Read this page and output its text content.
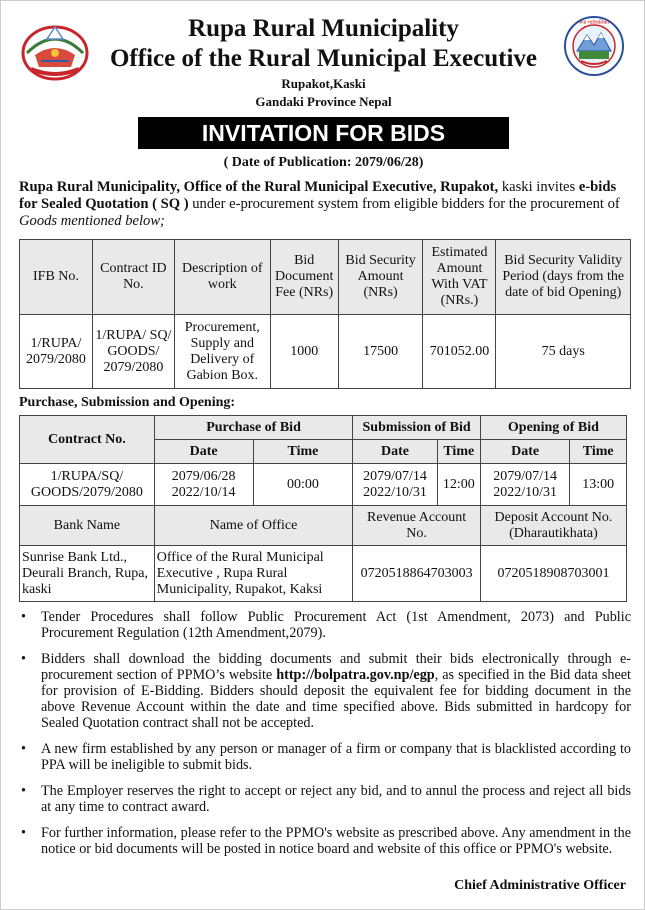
रुपा गाउँपालिका
Rupa Rural Municipality
Office of the Rural Municipal Executive
Rupakot,Kaski
Gandaki Province Nepal
INVITATION FOR BIDS
( Date of Publication: 2079/06/28)
Rupa Rural Municipality, Office of the Rural Municipal Executive, Rupakot, kaski invites e-bids for Sealed Quotation ( SQ ) under e-procurement system from eligible bidders for the procurement of Goods mentioned below;
IFB No.	Contract ID No.	Description of work	Bid Document Fee (NRs)	Bid Security Amount (NRs)	Estimated Amount With VAT (NRs.)	Bid Security Validity Period (days from the date of bid Opening)
1/RUPA/ 2079/2080	1/RUPA/ SQ/ GOODS/ 2079/2080	Procurement, Supply and Delivery of Gabion Box.	1000	17500	701052.00	75 days
Purchase, Submission and Opening:
Contract No.	Purchase of Bid		Submission of Bid		Opening of Bid	
	Date	Time	Date	Time	Date	Time
1/RUPA/SQ/ GOODS/2079/2080	2079/06/28 2022/10/14	00:00	2079/07/14 2022/10/31	12:00	2079/07/14 2022/10/31	13:00
Bank Name	Name of Office		Revenue Account No.		Deposit Account No. (Dharautikhata)	
Sunrise Bank Ltd., Deurali Branch, Rupa, kaski	Office of the Rural Municipal Executive , Rupa Rural Municipality, Rupakot, Kaksi		0720518864703003		0720518908703001	
• Tender Procedures shall follow Public Procurement Act (1st Amendment, 2073) and Public Procurement Regulation (12th Amendment,2079).
• Bidders shall download the bidding documents and submit their bids electronically through e-procurement section of PPMO’s website http://bolpatra.gov.np/egp, as specified in the Bid data sheet for provision of E-Bidding. Bidders should deposit the equivalent fee for bidding document in the above Revenue Account within the date and time specified above. Bids submitted in hardcopy for Sealed Quotation contract shall not be accepted.
• A new firm established by any person or manager of a firm or company that is blacklisted according to PPA will be ineligible to submit bids.
• The Employer reserves the right to accept or reject any bid, and to annul the process and reject all bids at any time to contract award.
• For further information, please refer to the PPMO's website as prescribed above. Any amendment in the notice or bid documents will be posted in notice board and website of this office or PPMO's website.
Chief Administrative Officer
